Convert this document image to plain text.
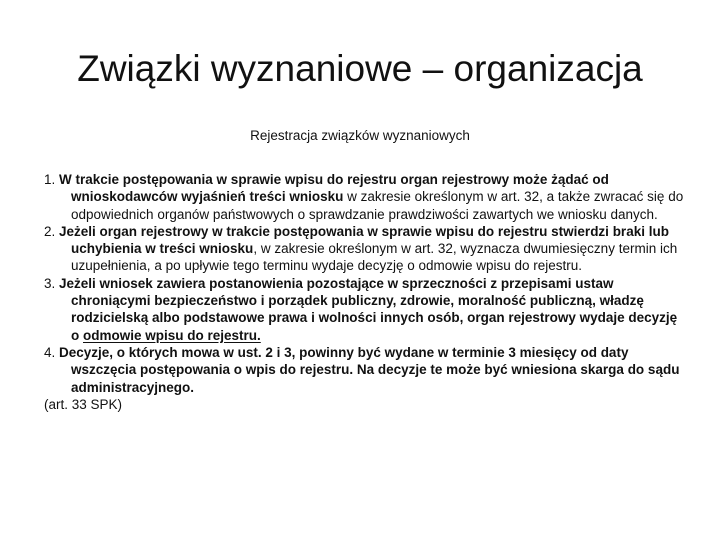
Związki wyznaniowe – organizacja
Rejestracja związków wyznaniowych

1. W trakcie postępowania w sprawie wpisu do rejestru organ rejestrowy może żądać od wnioskodawców wyjaśnień treści wniosku w zakresie określonym w art. 32, a także zwracać się do odpowiednich organów państwowych o sprawdzanie prawdziwości zawartych we wniosku danych.

2. Jeżeli organ rejestrowy w trakcie postępowania w sprawie wpisu do rejestru stwierdzi braki lub uchybienia w treści wniosku, w zakresie określonym w art. 32, wyznacza dwumiesięczny termin ich uzupełnienia, a po upływie tego terminu wydaje decyzję o odmowie wpisu do rejestru.

3. Jeżeli wniosek zawiera postanowienia pozostające w sprzeczności z przepisami ustaw chroniącymi bezpieczeństwo i porządek publiczny, zdrowie, moralność publiczną, władzę rodzicielską albo podstawowe prawa i wolności innych osób, organ rejestrowy wydaje decyzję o odmowie wpisu do rejestru.

4. Decyzje, o których mowa w ust. 2 i 3, powinny być wydane w terminie 3 miesięcy od daty wszczęcia postępowania o wpis do rejestru. Na decyzje te może być wniesiona skarga do sądu administracyjnego.

(art. 33 SPK)
